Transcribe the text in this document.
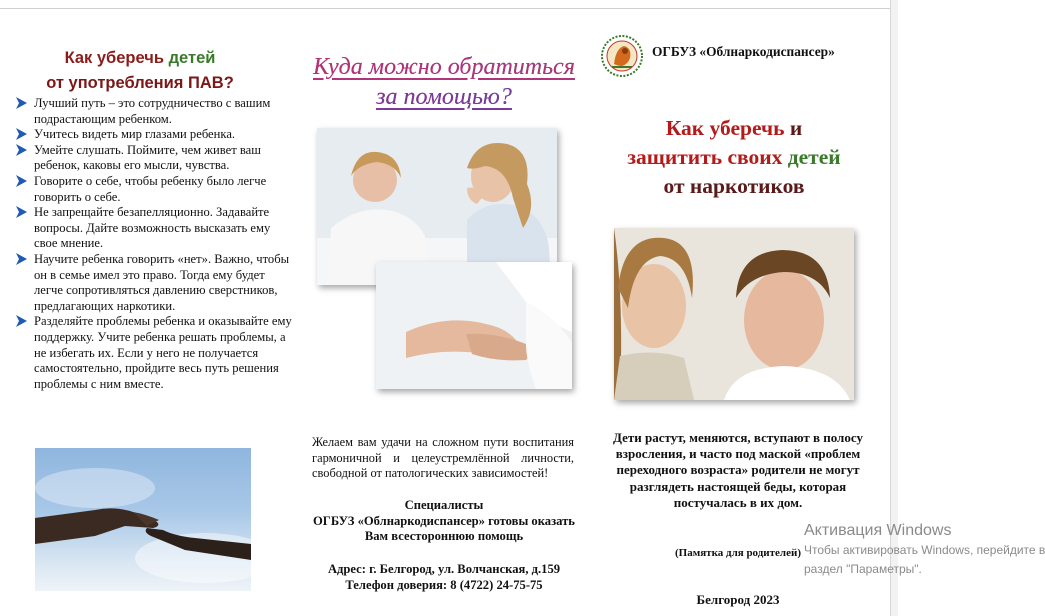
Как уберечь детей
от употребления ПАВ?
Лучший путь – это сотрудничество с вашим подрастающим ребенком.
Учитесь видеть мир глазами ребенка.
Умейте слушать. Поймите, чем живет ваш ребенок, каковы его мысли, чувства.
Говорите о себе, чтобы ребенку было легче говорить о себе.
Не запрещайте безапелляционно. Задавайте вопросы. Дайте возможность высказать ему свое мнение.
Научите ребенка говорить «нет». Важно, чтобы он в семье имел это право. Тогда ему будет легче сопротивляться давлению сверстников, предлагающих наркотики.
Разделяйте проблемы ребенка и оказывайте ему поддержку. Учите ребенка решать проблемы, а не избегать их. Если у него не получается самостоятельно, пройдите весь путь решения проблемы с ним вместе.
Куда можно обратиться
за помощью?
Желаем вам удачи на сложном пути воспитания гармоничной и целеустремлённой личности, свободной от патологических зависимостей!
Специалисты
ОГБУЗ «Облнаркодиспансер» готовы оказать Вам всестороннюю помощь
Адрес: г. Белгород, ул. Волчанская, д.159
Телефон доверия: 8 (4722) 24-75-75
ОГБУЗ «Облнаркодиспансер»
Как уберечь и
защитить своих детей
от наркотиков
Дети растут, меняются, вступают в полосу взросления, и часто под маской «проблем переходного возраста» родители не могут разглядеть настоящей беды, которая постучалась в их дом.
(Памятка для родителей)
Белгород 2023
Активация Windows
Чтобы активировать Windows, перейдите в
раздел "Параметры".
